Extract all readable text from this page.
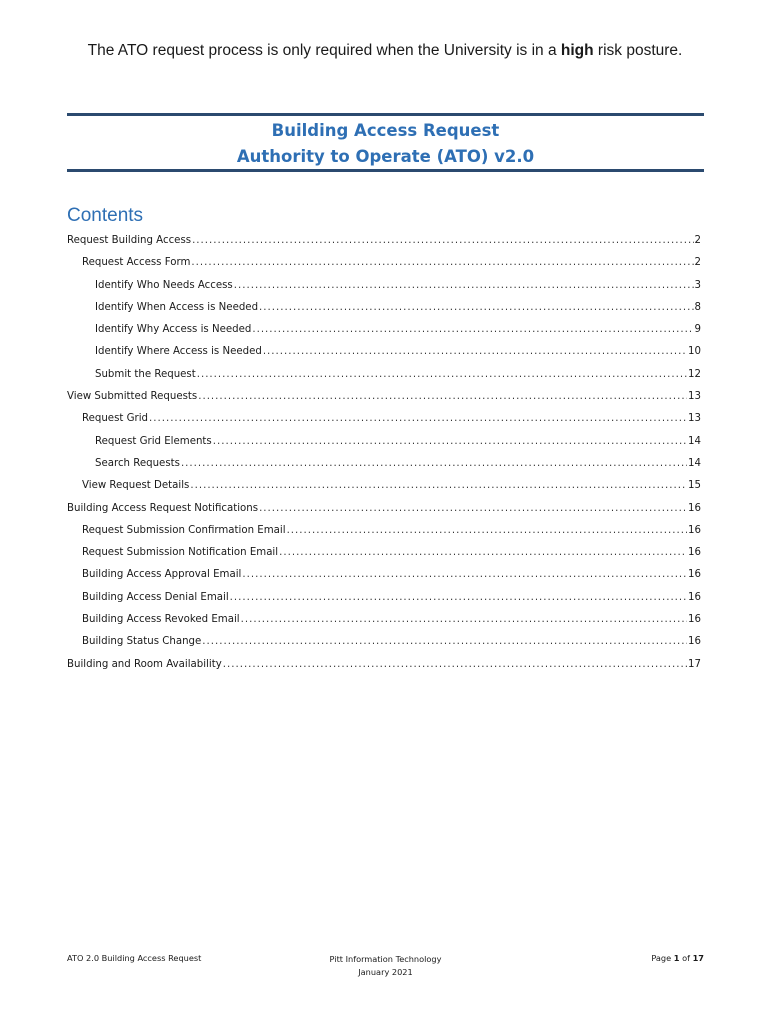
The ATO request process is only required when the University is in a high risk posture.
Building Access Request
Authority to Operate (ATO) v2.0
Contents
Request Building Access .....	2
Request Access Form .....	2
Identify Who Needs Access .....	3
Identify When Access is Needed .....	8
Identify Why Access is Needed .....	9
Identify Where Access is Needed .....	10
Submit the Request .....	12
View Submitted Requests .....	13
Request Grid .....	13
Request Grid Elements .....	14
Search Requests .....	14
View Request Details .....	15
Building Access Request Notifications .....	16
Request Submission Confirmation Email .....	16
Request Submission Notification Email .....	16
Building Access Approval Email .....	16
Building Access Denial Email .....	16
Building Access Revoked Email .....	16
Building Status Change .....	16
Building and Room Availability .....	17
ATO 2.0 Building Access Request	Pitt Information Technology
January 2021
Page 1 of 17
